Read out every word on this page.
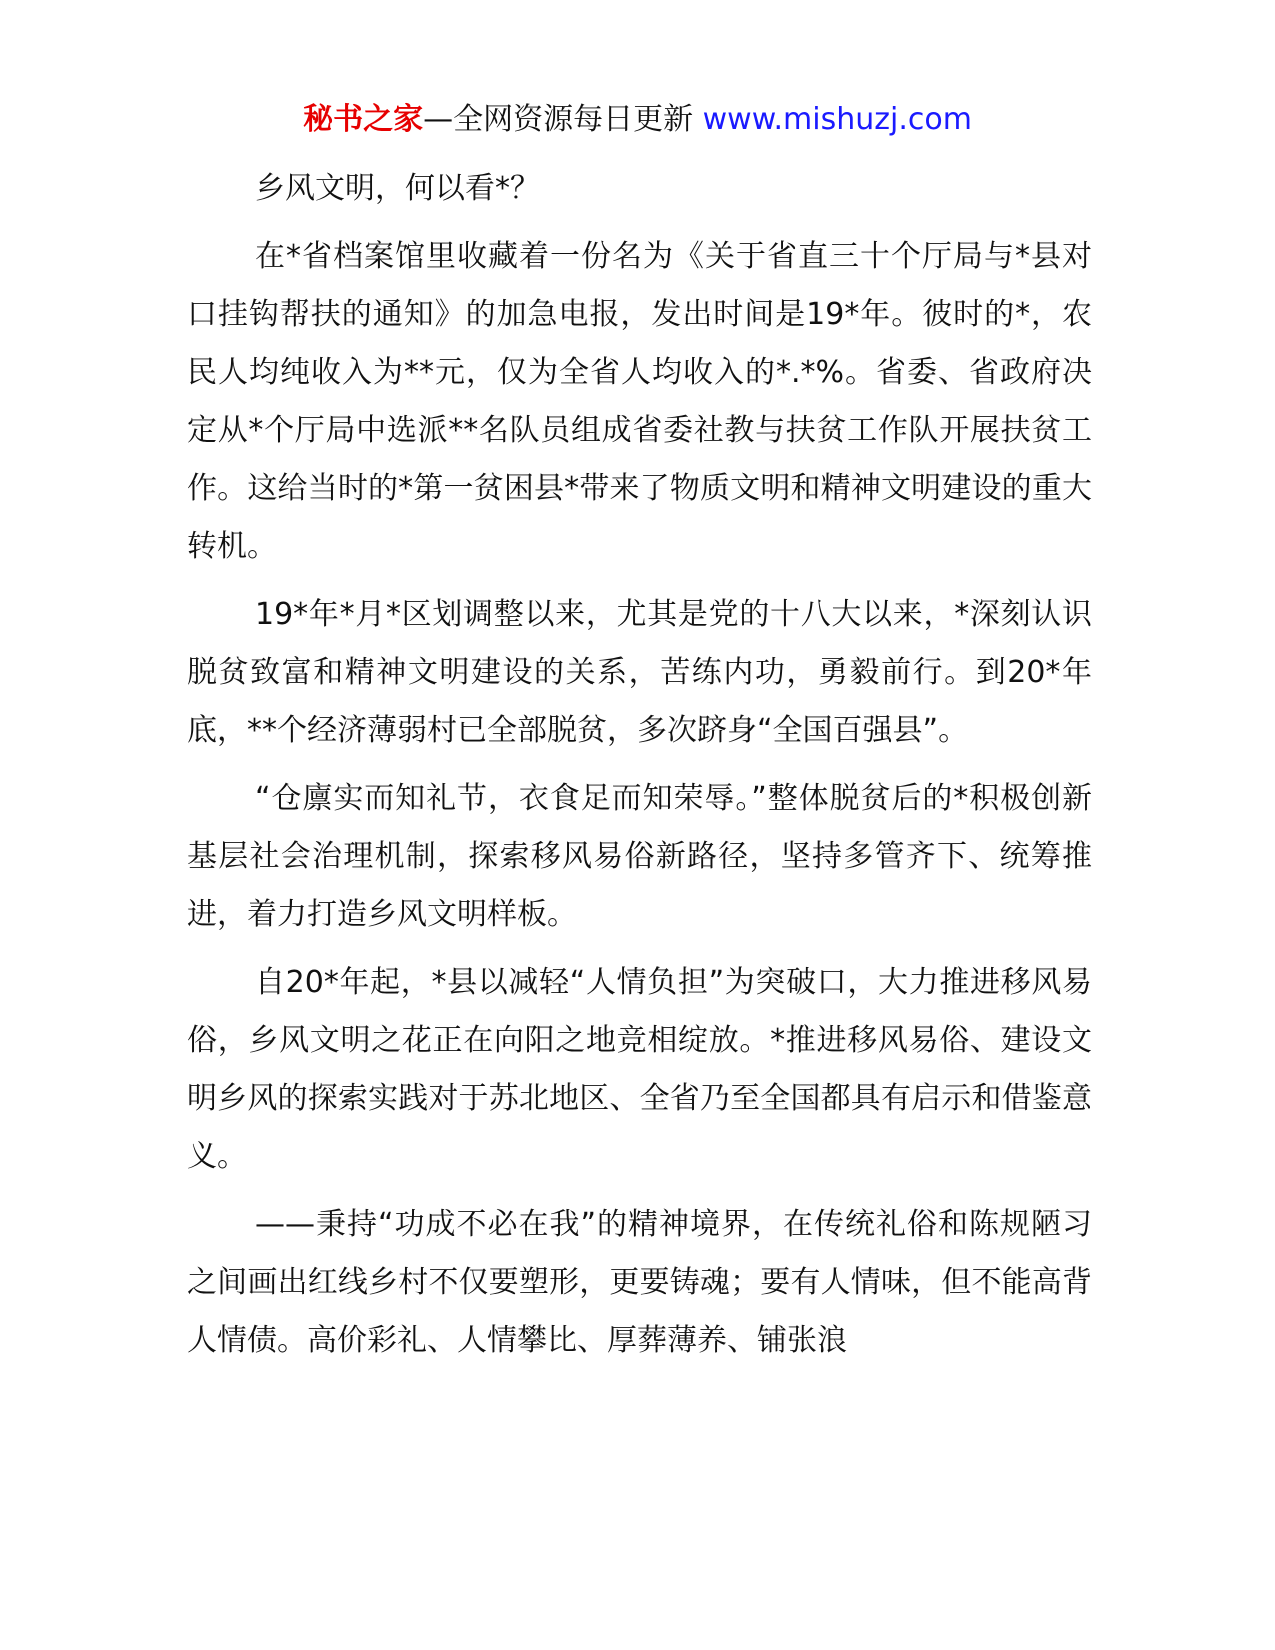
秘书之家—全网资源每日更新 www.mishuzj.com

乡风文明，何以看*？

在*省档案馆里收藏着一份名为《关于省直三十个厅局与*县对口挂钩帮扶的通知》的加急电报，发出时间是19*年。彼时的*，农民人均纯收入为**元，仅为全省人均收入的*.*%。省委、省政府决定从*个厅局中选派**名队员组成省委社教与扶贫工作队开展扶贫工作。这给当时的*第一贫困县*带来了物质文明和精神文明建设的重大转机。

19*年*月*区划调整以来，尤其是党的十八大以来，*深刻认识脱贫致富和精神文明建设的关系，苦练内功，勇毅前行。到20*年底，**个经济薄弱村已全部脱贫，多次跻身“全国百强县”。

“仓廪实而知礼节，衣食足而知荣辱。”整体脱贫后的*积极创新基层社会治理机制，探索移风易俗新路径，坚持多管齐下、统筹推进，着力打造乡风文明样板。

自20*年起，*县以减轻“人情负担”为突破口，大力推进移风易俗，乡风文明之花正在向阳之地竞相绽放。*推进移风易俗、建设文明乡风的探索实践对于苏北地区、全省乃至全国都具有启示和借鉴意义。

——秉持“功成不必在我”的精神境界，在传统礼俗和陈规陋习之间画出红线乡村不仅要塑形，更要铸魂；要有人情味，但不能高背人情债。高价彩礼、人情攀比、厚葬薄养、铺张浪
